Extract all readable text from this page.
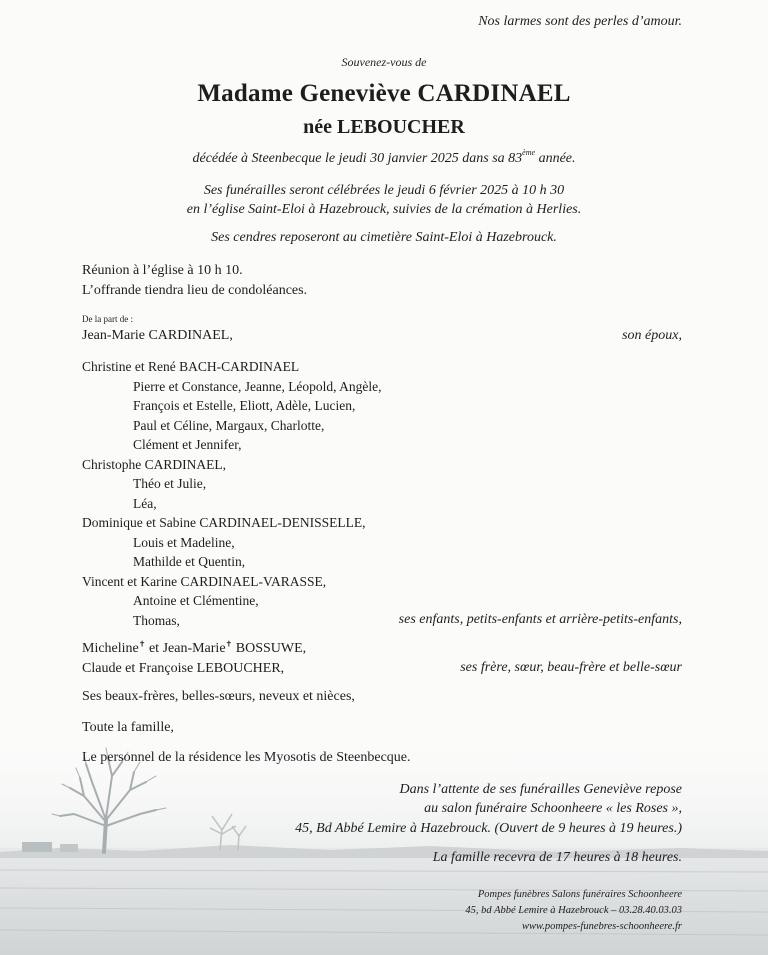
Nos larmes sont des perles d’amour.
Souvenez-vous de
Madame Geneviève CARDINAEL
née LEBOUCHER
décédée à Steenbecque le jeudi 30 janvier 2025 dans sa 83ème année.
Ses funérailles seront célébrées le jeudi 6 février 2025 à 10 h 30
en l’église Saint-Eloi à Hazebrouck, suivies de la crémation à Herlies.
Ses cendres reposeront au cimetière Saint-Eloi à Hazebrouck.
Réunion à l’église à 10 h 10.
L’offrande tiendra lieu de condoléances.
De la part de :
Jean-Marie CARDINAEL,	son époux,
Christine et René BACH-CARDINAEL
Pierre et Constance, Jeanne, Léopold, Angèle,
François et Estelle, Eliott, Adèle, Lucien,
Paul et Céline, Margaux, Charlotte,
Clément et Jennifer,
Christophe CARDINAEL,
Théo et Julie,
Léa,
Dominique et Sabine CARDINAEL-DENISSELLE,
Louis et Madeline,
Mathilde et Quentin,
Vincent et Karine CARDINAEL-VARASSE,
Antoine et Clémentine,
Thomas,	ses enfants, petits-enfants et arrière-petits-enfants,
Micheline✝ et Jean-Marie✝ BOSSUWE,
Claude et Françoise LEBOUCHER,	ses frère, sœur, beau-frère et belle-sœur
Ses beaux-frères, belles-sœurs, neveux et nièces,
Toute la famille,
Le personnel de la résidence les Myosotis de Steenbecque.
Dans l’attente de ses funérailles Geneviève repose
au salon funéraire Schoonheere « les Roses »,
45, Bd Abbé Lemire à Hazebrouck. (Ouvert de 9 heures à 19 heures.)
La famille recevra de 17 heures à 18 heures.
Pompes funèbres Salons funéraires Schoonheere
45, bd Abbé Lemire à Hazebrouck – 03.28.40.03.03
www.pompes-funebres-schoonheere.fr
